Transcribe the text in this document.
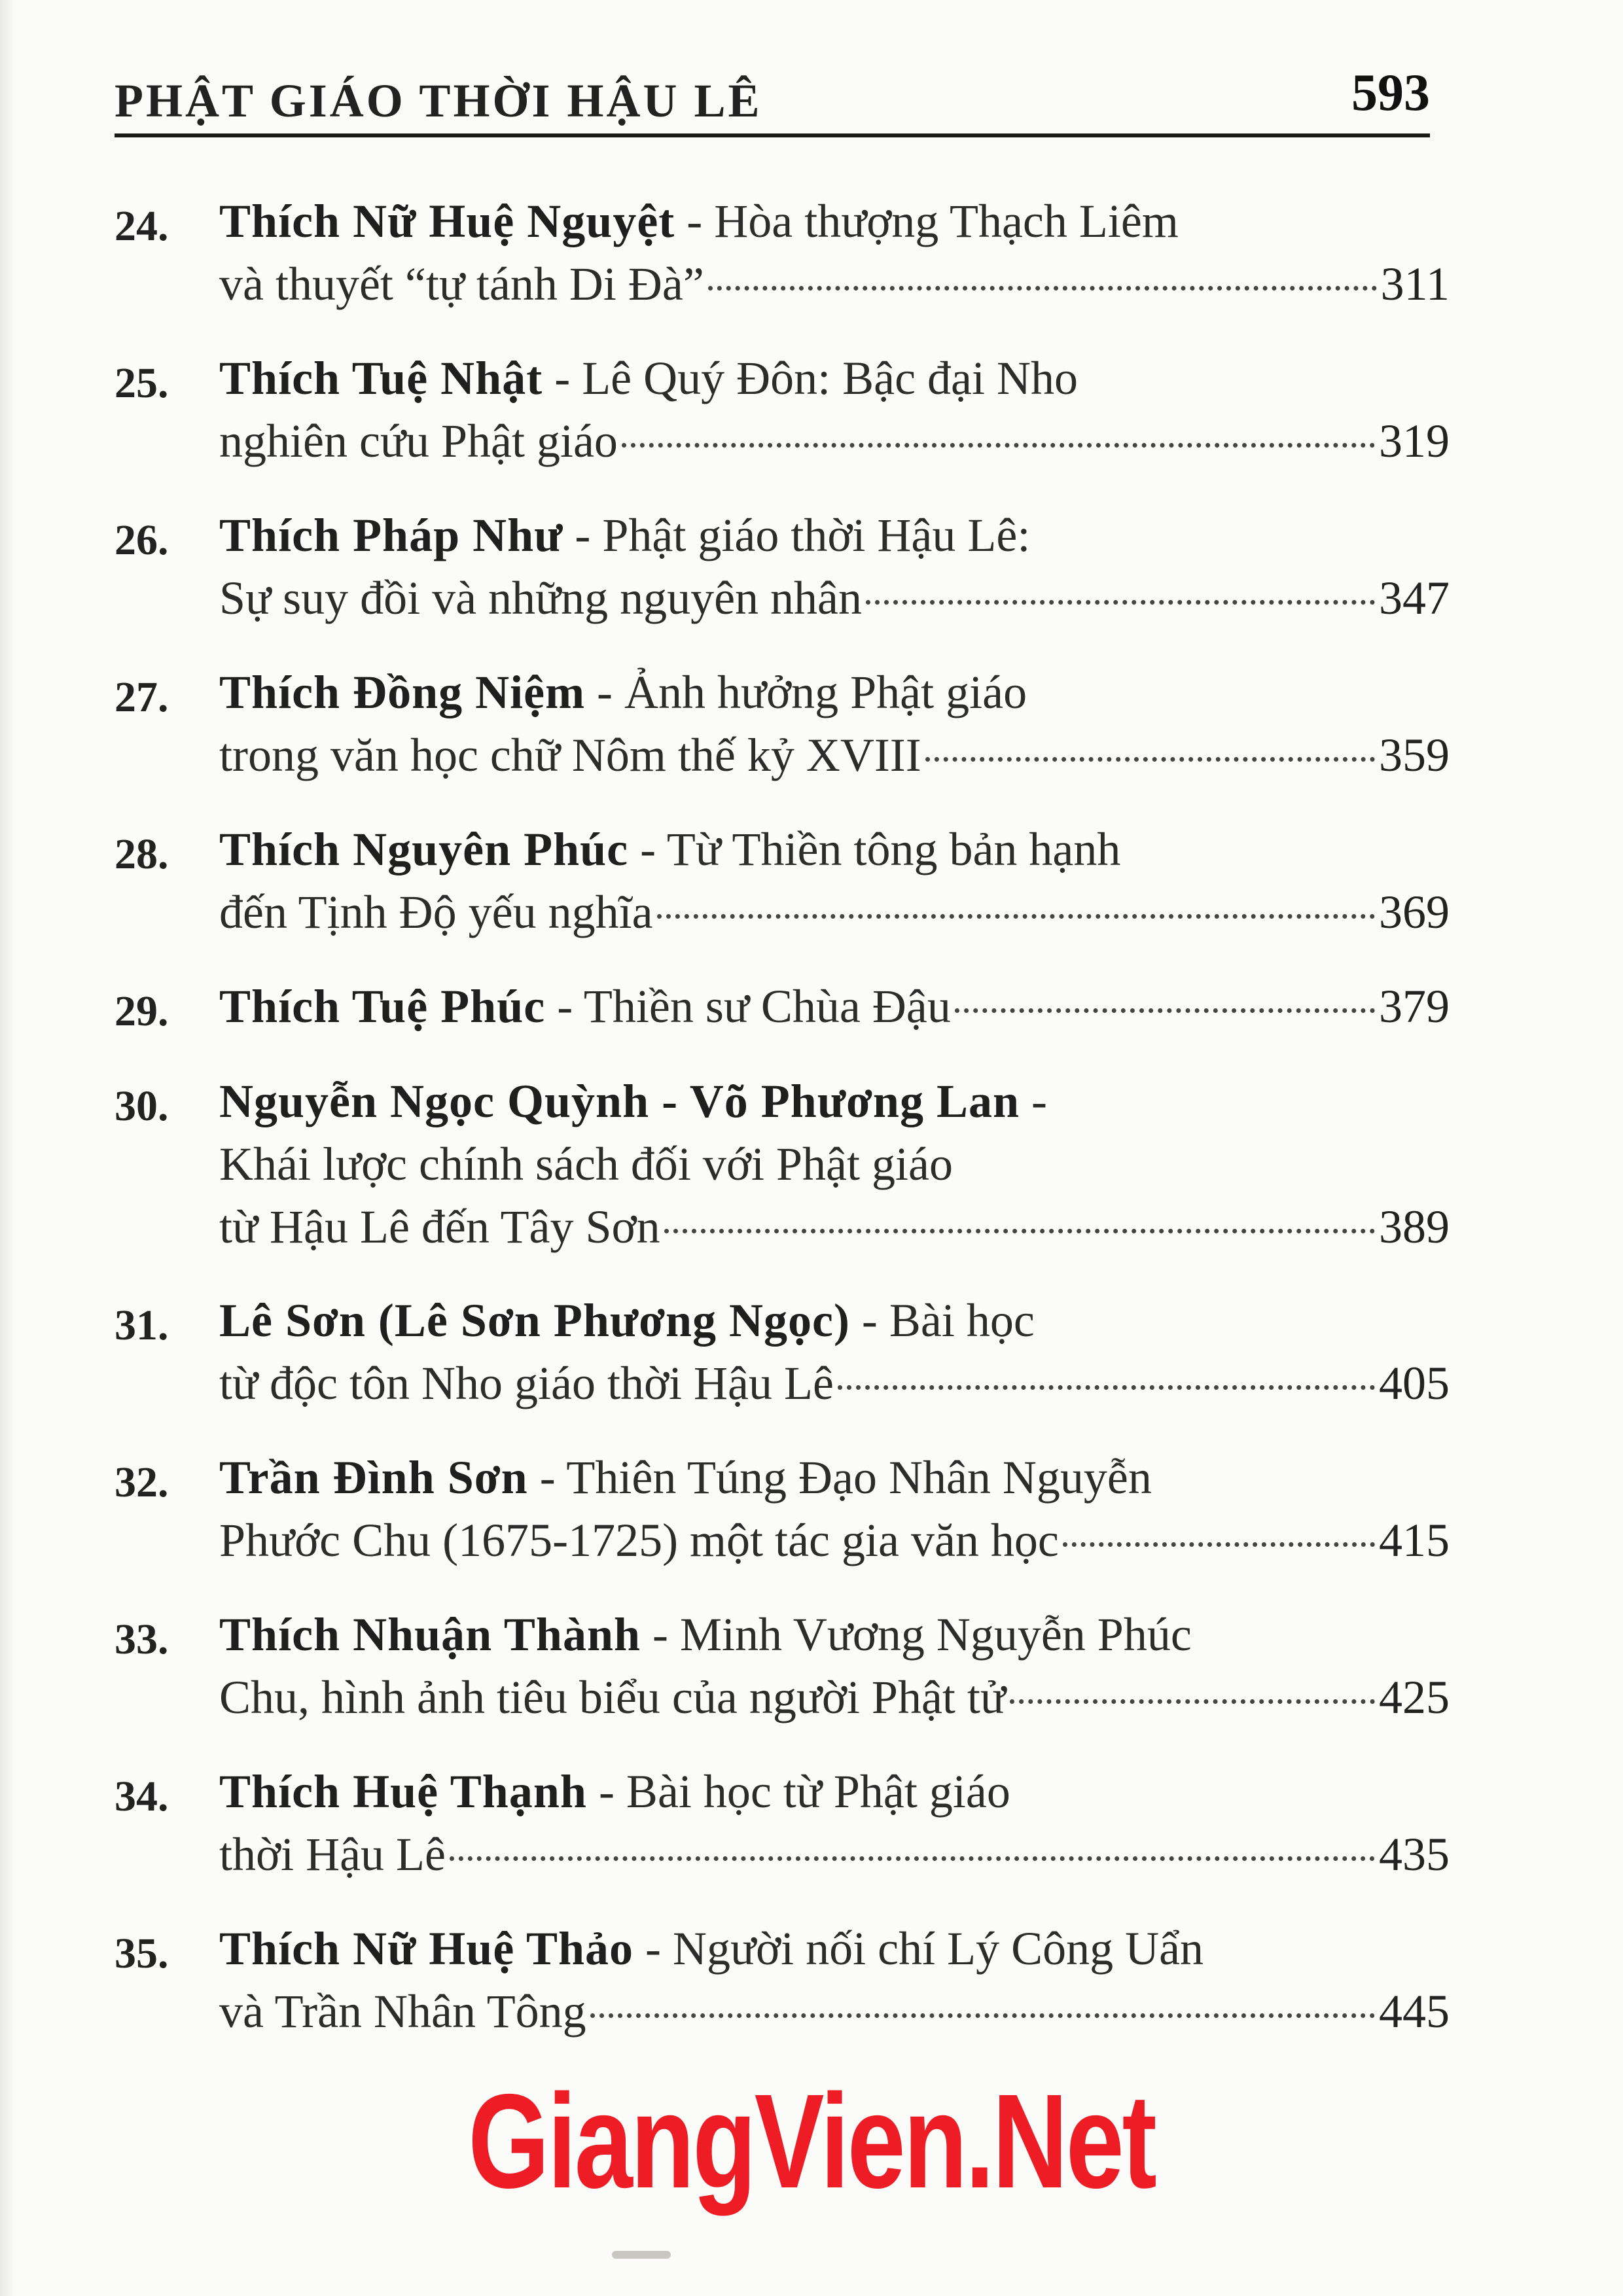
PHẬT GIÁO THỜI HẬU LÊ	593
24. Thích Nữ Huệ Nguyệt - Hòa thượng Thạch Liêm
và thuyết “tự tánh Di Đà”	311
25. Thích Tuệ Nhật - Lê Quý Đôn: Bậc đại Nho
nghiên cứu Phật giáo	319
26. Thích Pháp Như - Phật giáo thời Hậu Lê:
Sự suy đồi và những nguyên nhân	347
27. Thích Đồng Niệm - Ảnh hưởng Phật giáo
trong văn học chữ Nôm thế kỷ XVIII	359
28. Thích Nguyên Phúc - Từ Thiền tông bản hạnh
đến Tịnh Độ yếu nghĩa	369
29. Thích Tuệ Phúc - Thiền sư Chùa Đậu	379
30. Nguyễn Ngọc Quỳnh - Võ Phương Lan -
Khái lược chính sách đối với Phật giáo
từ Hậu Lê đến Tây Sơn	389
31. Lê Sơn (Lê Sơn Phương Ngọc) - Bài học
từ độc tôn Nho giáo thời Hậu Lê	405
32. Trần Đình Sơn - Thiên Túng Đạo Nhân Nguyễn
Phước Chu (1675-1725) một tác gia văn học	415
33. Thích Nhuận Thành - Minh Vương Nguyễn Phúc
Chu, hình ảnh tiêu biểu của người Phật tử	425
34. Thích Huệ Thạnh - Bài học từ Phật giáo
thời Hậu Lê	435
35. Thích Nữ Huệ Thảo - Người nối chí Lý Công Uẩn
và Trần Nhân Tông	445
GiangVien.Net
